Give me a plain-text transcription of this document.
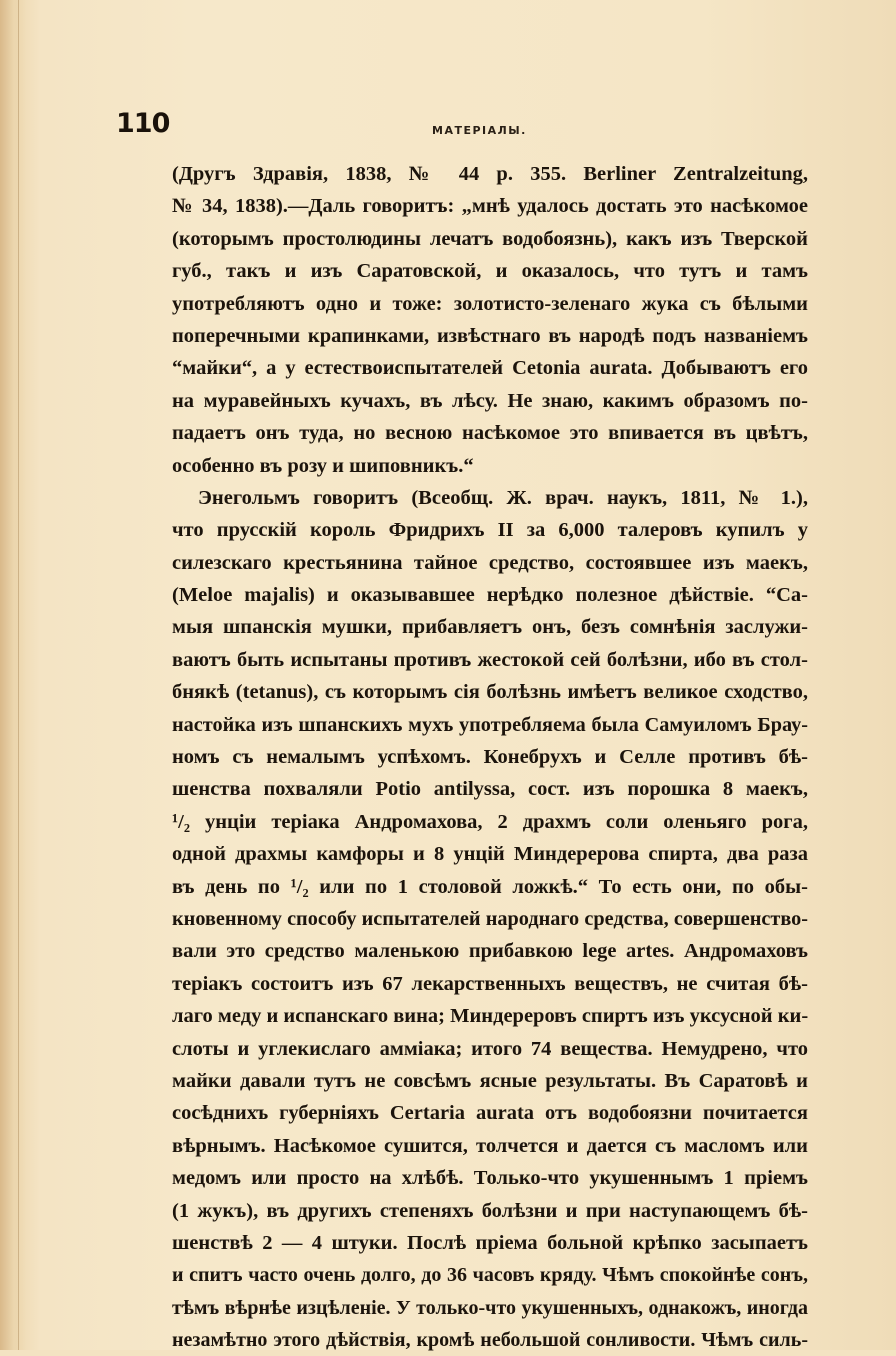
110	МАТЕРІАЛЫ.
(Другъ Здравія, 1838, № 44 р. 355. Berliner Zentralzeitung,
№ 34, 1838).—Даль говоритъ: „мнѣ удалось достать это насѣкомое
(которымъ простолюдины лечатъ водобоязнь), какъ изъ Тверской
губ., такъ и изъ Саратовской, и оказалось, что тутъ и тамъ
употребляютъ одно и тоже: золотисто-зеленаго жука съ бѣлыми
поперечными крапинками, извѣстнаго въ народѣ подъ названіемъ
“майки“, а у естествоиспытателей Cetonia aurata. Добываютъ его
на муравейныхъ кучахъ, въ лѣсу. Не знаю, какимъ образомъ по-
падаетъ онъ туда, но весною насѣкомое это впивается въ цвѣтъ,
особенно въ розу и шиповникъ.“
Энегольмъ говоритъ (Всеобщ. Ж. врач. наукъ, 1811, № 1.),
что прусскій король Фридрихъ II за 6,000 талеровъ купилъ у
силезскаго крестьянина тайное средство, состоявшее изъ маекъ,
(Meloe majalis) и оказывавшее нерѣдко полезное дѣйствіе. “Са-
мыя шпанскія мушки, прибавляетъ онъ, безъ сомнѣнія заслужи-
ваютъ быть испытаны противъ жестокой сей болѣзни, ибо въ стол-
бнякѣ (tetanus), съ которымъ сія болѣзнь имѣетъ великое сходство,
настойка изъ шпанскихъ мухъ употребляема была Самуиломъ Брау-
номъ съ немалымъ успѣхомъ. Конебрухъ и Селле противъ бѣ-
шенства похваляли Potio antilyssa, сост. изъ порошка 8 маекъ,
¹/₂ унціи теріака Андромахова, 2 драхмъ соли оленьяго рога,
одной драхмы камфоры и 8 унцій Миндерерова спирта, два раза
въ день по ¹/₂ или по 1 столовой ложкѣ.“ То есть они, по обы-
кновенному способу испытателей народнаго средства, совершенство-
вали это средство маленькою прибавкою lege artes. Андромаховъ
теріакъ состоитъ изъ 67 лекарственныхъ веществъ, не считая бѣ-
лаго меду и испанскаго вина; Миндереровъ спиртъ изъ уксусной ки-
слоты и углекислаго амміака; итого 74 вещества. Немудрено, что
майки давали тутъ не совсѣмъ ясные результаты. Въ Саратовѣ и
сосѣднихъ губерніяхъ Certaria aurata отъ водобоязни почитается
вѣрнымъ. Насѣкомое сушится, толчется и дается съ масломъ или
медомъ или просто на хлѣбѣ. Только-что укушеннымъ 1 пріемъ
(1 жукъ), въ другихъ степеняхъ болѣзни и при наступающемъ бѣ-
шенствѣ 2 — 4 штуки. Послѣ пріема больной крѣпко засыпаетъ
и спитъ часто очень долго, до 36 часовъ кряду. Чѣмъ спокойнѣе сонъ,
тѣмъ вѣрнѣе изцѣленіе. У только-что укушенныхъ, однакожъ, иногда
незамѣтно этого дѣйствія, кромѣ небольшой сонливости. Чѣмъ силь-
